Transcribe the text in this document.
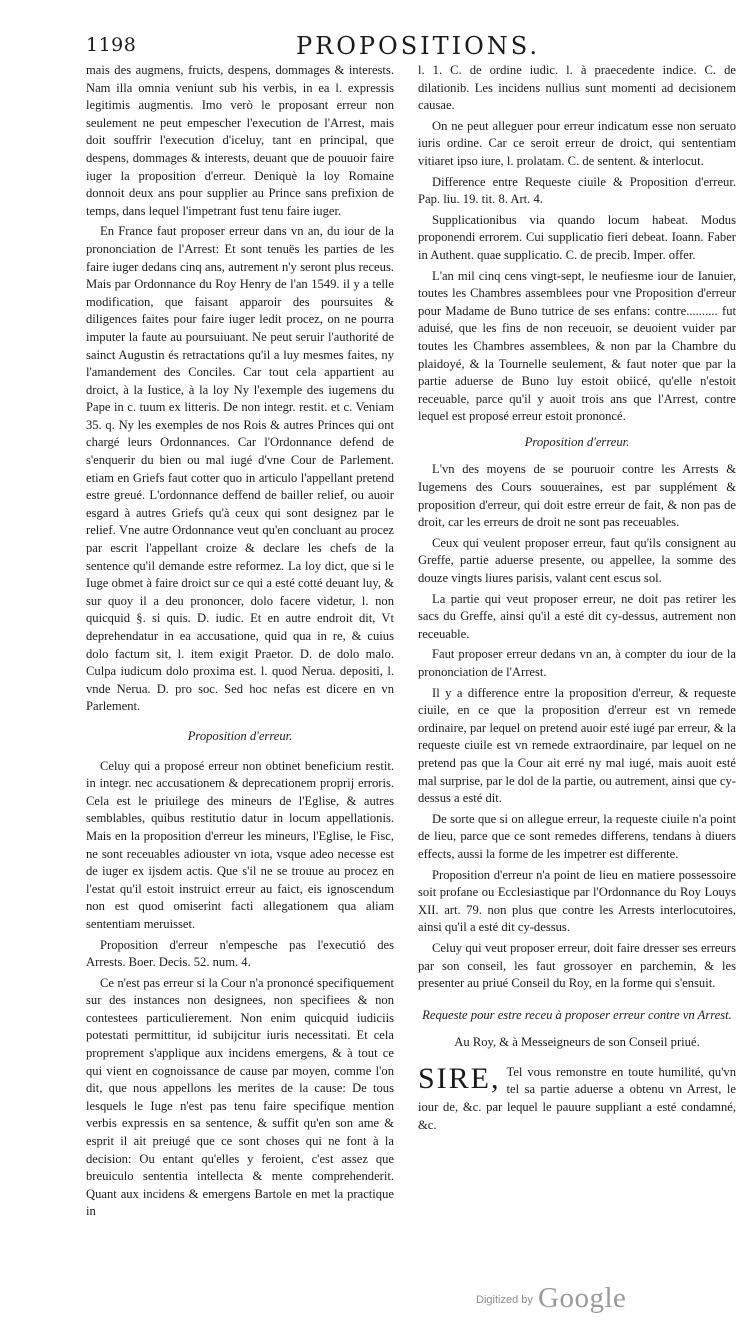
1198	PROPOSITIONS.

mais des augmens, fruicts, despens, dommages & interests. Nam illa omnia veniunt sub his verbis, in ea l. expressis legitimis augmentis. Imo verò le proposant erreur non seulement ne peut empescher l'execution de l'Arrest, mais doit souffrir l'execution d'iceluy, tant en principal, que despens, dommages & interests, deuant que de pouuoir faire iuger la proposition d'erreur. Deniquè la loy Romaine donnoit deux ans pour supplier au Prince sans prefixion de temps, dans lequel l'impetrant fust tenu faire iuger.

En France faut proposer erreur dans vn an, du iour de la prononciation de l'Arrest: Et sont tenuës les parties de les faire iuger dedans cinq ans, autrement n'y seront plus receus. Mais par Ordonnance du Roy Henry de l'an 1549. il y a telle modification, que faisant apparoir des poursuites & diligences faites pour faire iuger ledit procez, on ne pourra imputer la faute au poursuiuant. Ne peut seruir l'authorité de sainct Augustin és retractations qu'il a luy mesmes faites, ny l'amandement des Conciles. Car tout cela appartient au droict, à la Iustice, à la loy Ny l'exemple des iugemens du Pape in c. tuum ex litteris. De non integr. restit. et c. Veniam 35. q. Ny les exemples de nos Rois & autres Princes qui ont chargé leurs Ordonnances. Car l'Ordonnance defend de s'enquerir du bien ou mal iugé d'vne Cour de Parlement. etiam en Griefs faut cotter quo in articulo l'appellant pretend estre greué. L'ordonnance deffend de bailler relief, ou auoir esgard à autres Griefs qu'à ceux qui sont designez par le relief. Vne autre Ordonnance veut qu'en concluant au procez par escrit l'appellant croize & declare les chefs de la sentence qu'il demande estre reformez. La loy dict, que si le Iuge obmet à faire droict sur ce qui a esté cotté deuant luy, & sur quoy il a deu prononcer, dolo facere videtur, l. non quicquid §. si quis. D. iudic. Et en autre endroit dit, Vt deprehendatur in ea accusatione, quid qua in re, & cuius dolo factum sit, l. item exigit Praetor. D. de dolo malo. Culpa iudicum dolo proxima est. l. quod Nerua. depositi, l. vnde Nerua. D. pro soc. Sed hoc nefas est dicere en vn Parlement.

Proposition d'erreur.

Celuy qui a proposé erreur non obtinet beneficium restit. in integr. nec accusationem & deprecationem proprij erroris. Cela est le priuilege des mineurs de l'Eglise, & autres semblables, quibus restitutio datur in locum appellationis. Mais en la proposition d'erreur les mineurs, l'Eglise, le Fisc, ne sont receuables adiouster vn iota, vsque adeo necesse est de iuger ex ijsdem actis. Que s'il ne se trouue au procez en l'estat qu'il estoit instruict erreur au faict, eis ignoscendum non est quod omiserint facti allegationem qua aliam sententiam meruisset.

Proposition d'erreur n'empesche pas l'executió des Arrests. Boer. Decis. 52. num. 4.

Ce n'est pas erreur si la Cour n'a prononcé specifiquement sur des instances non designees, non specifiees & non contestees particulierement. Non enim quicquid iudiciis potestati permittitur, id subijcitur iuris necessitati. Et cela proprement s'applique aux incidens emergens, & à tout ce qui vient en cognoissance de cause par moyen, comme l'on dit, que nous appellons les merites de la cause: De tous lesquels le Iuge n'est pas tenu faire specifique mention verbis expressis en sa sentence, & suffit qu'en son ame & esprit il ait preiugé que ce sont choses qui ne font à la decision: Ou entant qu'elles y feroient, c'est assez que breuiculo sententia intellecta & mente comprehenderit. Quant aux incidens & emergens Bartole en met la practique in

l. 1. C. de ordine iudic. l. à praecedente indice. C. de dilationib. Les incidens nullius sunt momenti ad decisionem causae.

On ne peut alleguer pour erreur indicatum esse non seruato iuris ordine. Car ce seroit erreur de droict, qui sententiam vitiaret ipso iure, l. prolatam. C. de sentent. & interlocut.

Difference entre Requeste ciuile & Proposition d'erreur. Pap. liu. 19. tit. 8. Art. 4.

Supplicationibus via quando locum habeat. Modus proponendi errorem. Cui supplicatio fieri debeat. Ioann. Faber in Authent. quae supplicatio. C. de precib. Imper. offer.

L'an mil cinq cens vingt-sept, le neufiesme iour de Ianuier, toutes les Chambres assemblees pour vne Proposition d'erreur pour Madame de Buno tutrice de ses enfans: contre.......... fut aduisé, que les fins de non receuoir, se deuoient vuider par toutes les Chambres assemblees, & non par la Chambre du plaidoyé, & la Tournelle seulement, & faut noter que par la partie aduerse de Buno luy estoit obiicé, qu'elle n'estoit receuable, parce qu'il y auoit trois ans que l'Arrest, contre lequel est proposé erreur estoit prononcé.

Proposition d'erreur.

L'vn des moyens de se pouruoir contre les Arrests & Iugemens des Cours souueraines, est par supplément & proposition d'erreur, qui doit estre erreur de fait, & non pas de droit, car les erreurs de droit ne sont pas receuables.

Ceux qui veulent proposer erreur, faut qu'ils consignent au Greffe, partie aduerse presente, ou appellee, la somme des douze vingts liures parisis, valant cent escus sol.

La partie qui veut proposer erreur, ne doit pas retirer les sacs du Greffe, ainsi qu'il a esté dit cy-dessus, autrement non receuable.

Faut proposer erreur dedans vn an, à compter du iour de la prononciation de l'Arrest.

Il y a difference entre la proposition d'erreur, & requeste ciuile, en ce que la proposition d'erreur est vn remede ordinaire, par lequel on pretend auoir esté iugé par erreur, & la requeste ciuile est vn remede extraordinaire, par lequel on ne pretend pas que la Cour ait erré ny mal iugé, mais auoit esté mal surprise, par le dol de la partie, ou autrement, ainsi que cy-dessus a esté dit.

De sorte que si on allegue erreur, la requeste ciuile n'a point de lieu, parce que ce sont remedes differens, tendans à diuers effects, aussi la forme de les impetrer est differente.

Proposition d'erreur n'a point de lieu en matiere possessoire soit profane ou Ecclesiastique par l'Ordonnance du Roy Louys XII. art. 79. non plus que contre les Arrests interlocutoires, ainsi qu'il a esté dit cy-dessus.

Celuy qui veut proposer erreur, doit faire dresser ses erreurs par son conseil, les faut grossoyer en parchemin, & les presenter au priué Conseil du Roy, en la forme qui s'ensuit.

Requeste pour estre receu à proposer erreur contre vn Arrest.
Au Roy, & à Messeigneurs de son Conseil priué.
SIRE, Tel vous remonstre en toute humilité, qu'vn tel sa partie aduerse a obtenu vn Arrest, le iour de, &c. par lequel le pauure suppliant a esté condamné, &c.

Digitized by Google
